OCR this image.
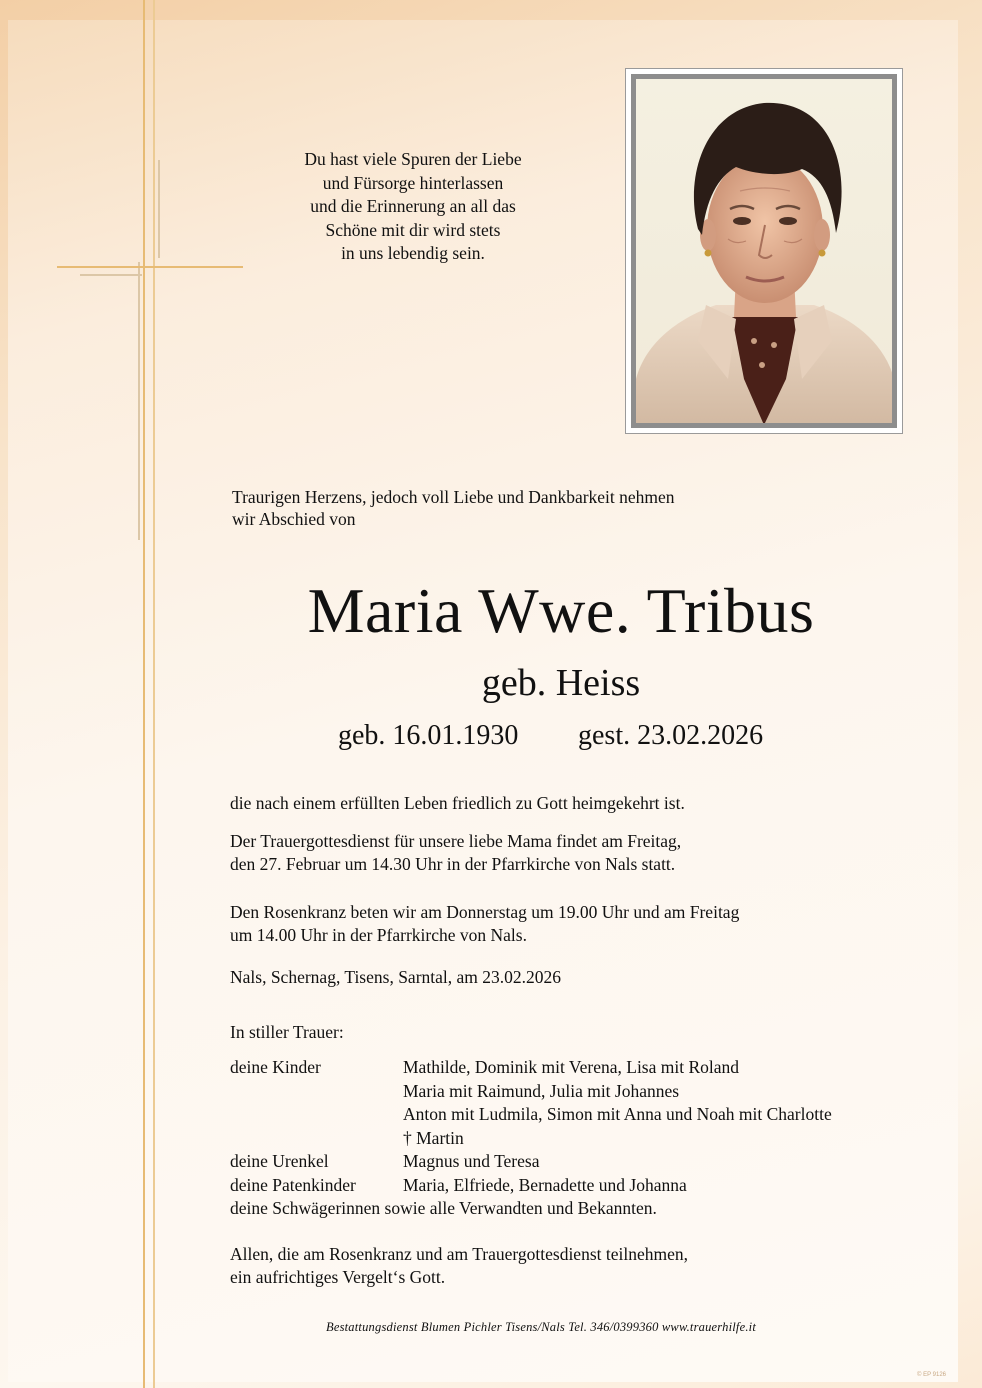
Du hast viele Spuren der Liebe
und Fürsorge hinterlassen
und die Erinnerung an all das
Schöne mit dir wird stets
in uns lebendig sein.
Traurigen Herzens, jedoch voll Liebe und Dankbarkeit nehmen
wir Abschied von
Maria Wwe. Tribus
geb. Heiss
geb. 16.01.1930 gest. 23.02.2026
die nach einem erfüllten Leben friedlich zu Gott heimgekehrt ist.
Der Trauergottesdienst für unsere liebe Mama findet am Freitag,
den 27. Februar um 14.30 Uhr in der Pfarrkirche von Nals statt.
Den Rosenkranz beten wir am Donnerstag um 19.00 Uhr und am Freitag
um 14.00 Uhr in der Pfarrkirche von Nals.
Nals, Schernag, Tisens, Sarntal, am 23.02.2026
In stiller Trauer:
deine Kinder	Mathilde, Dominik mit Verena, Lisa mit Roland
Maria mit Raimund, Julia mit Johannes
Anton mit Ludmila, Simon mit Anna und Noah mit Charlotte
† Martin
deine Urenkel	Magnus und Teresa
deine Patenkinder	Maria, Elfriede, Bernadette und Johanna
deine Schwägerinnen sowie alle Verwandten und Bekannten.
Allen, die am Rosenkranz und am Trauergottesdienst teilnehmen,
ein aufrichtiges Vergelt‘s Gott.
Bestattungsdienst Blumen Pichler Tisens/Nals Tel. 346/0399360 www.trauerhilfe.it
© EP 9126
